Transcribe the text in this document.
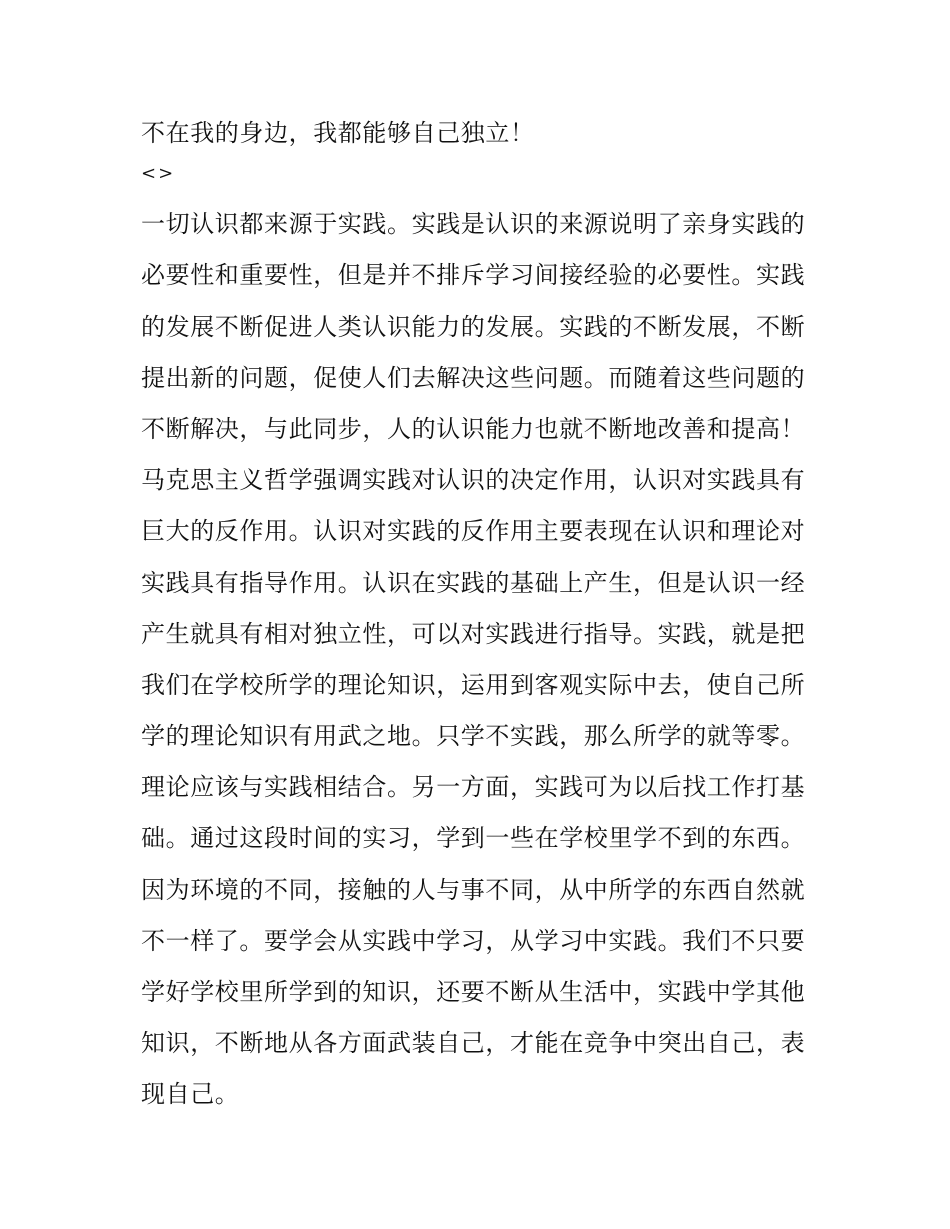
不在我的身边，我都能够自己独立！
<>
一切认识都来源于实践。实践是认识的来源说明了亲身实践的
必要性和重要性，但是并不排斥学习间接经验的必要性。实践
的发展不断促进人类认识能力的发展。实践的不断发展，不断
提出新的问题，促使人们去解决这些问题。而随着这些问题的
不断解决，与此同步，人的认识能力也就不断地改善和提高！
马克思主义哲学强调实践对认识的决定作用，认识对实践具有
巨大的反作用。认识对实践的反作用主要表现在认识和理论对
实践具有指导作用。认识在实践的基础上产生，但是认识一经
产生就具有相对独立性，可以对实践进行指导。实践，就是把
我们在学校所学的理论知识，运用到客观实际中去，使自己所
学的理论知识有用武之地。只学不实践，那么所学的就等零。
理论应该与实践相结合。另一方面，实践可为以后找工作打基
础。通过这段时间的实习，学到一些在学校里学不到的东西。
因为环境的不同，接触的人与事不同，从中所学的东西自然就
不一样了。要学会从实践中学习，从学习中实践。我们不只要
学好学校里所学到的知识，还要不断从生活中，实践中学其他
知识，不断地从各方面武装自己，才能在竞争中突出自己，表
现自己。
